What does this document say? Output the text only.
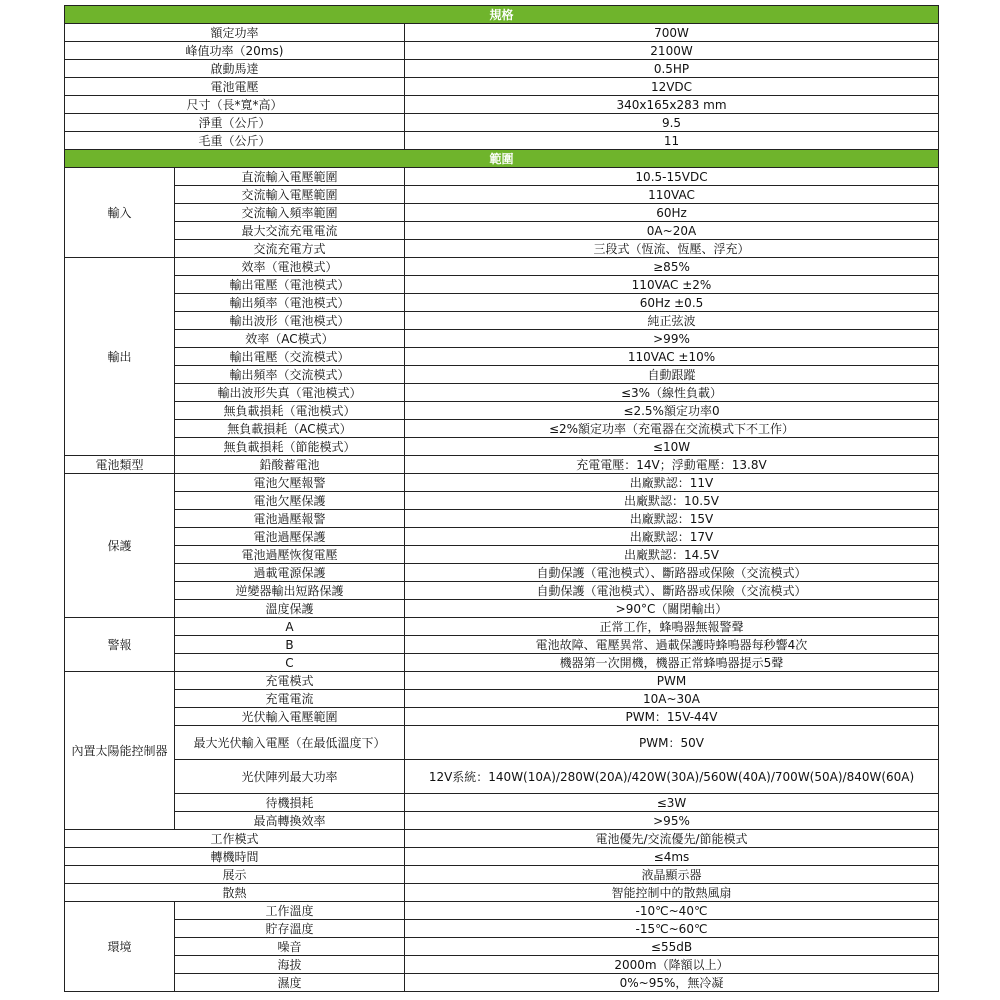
規格		
額定功率		700W
峰值功率（20ms)		2100W
啟動馬達		0.5HP
電池電壓		12VDC
尺寸（長*寬*高）		340x165x283 mm
淨重（公斤）		9.5
毛重（公斤）		11
範圍		
輸入	直流輸入電壓範圍	10.5-15VDC
	交流輸入電壓範圍	110VAC
	交流輸入頻率範圍	60Hz
	最大交流充電電流	0A~20A
	交流充電方式	三段式（恆流、恆壓、浮充）
輸出	效率（電池模式）	≥85%
	輸出電壓（電池模式）	110VAC ±2%
	輸出頻率（電池模式）	60Hz ±0.5
	輸出波形（電池模式）	純正弦波
	效率（AC模式）	>99%
	輸出電壓（交流模式）	110VAC ±10%
	輸出頻率（交流模式）	自動跟蹤
	輸出波形失真（電池模式）	≤3%（線性負載）
	無負載損耗（電池模式）	≤2.5%額定功率0
	無負載損耗（AC模式）	≤2%額定功率（充電器在交流模式下不工作）
	無負載損耗（節能模式）	≤10W
電池類型	鉛酸蓄電池	充電電壓：14V；浮動電壓：13.8V
保護	電池欠壓報警	出廠默認：11V
	電池欠壓保護	出廠默認：10.5V
	電池過壓報警	出廠默認：15V
	電池過壓保護	出廠默認：17V
	電池過壓恢復電壓	出廠默認：14.5V
	過載電源保護	自動保護（電池模式）、斷路器或保險（交流模式）
	逆變器輸出短路保護	自動保護（電池模式）、斷路器或保險（交流模式）
	溫度保護	>90°C（關閉輸出）
警報	A	正常工作，蜂鳴器無報警聲
	B	電池故障、電壓異常、過載保護時蜂鳴器每秒響4次
	C	機器第一次開機，機器正常蜂鳴器提示5聲
內置太陽能控制器	充電模式	PWM
	充電電流	10A~30A
	光伏輸入電壓範圍	PWM：15V-44V
	最大光伏輸入電壓（在最低溫度下）	PWM：50V
	光伏陣列最大功率	12V系統：140W(10A)/280W(20A)/420W(30A)/560W(40A)/700W(50A)/840W(60A)
	待機損耗	≤3W
	最高轉換效率	>95%
工作模式		電池優先/交流優先/節能模式
轉機時間		≤4ms
展示		液晶顯示器
散熱		智能控制中的散熱風扇
環境	工作溫度	-10℃~40℃
	貯存溫度	-15℃~60℃
	噪音	≤55dB
	海拔	2000m（降額以上）
	濕度	0%~95%，無冷凝
